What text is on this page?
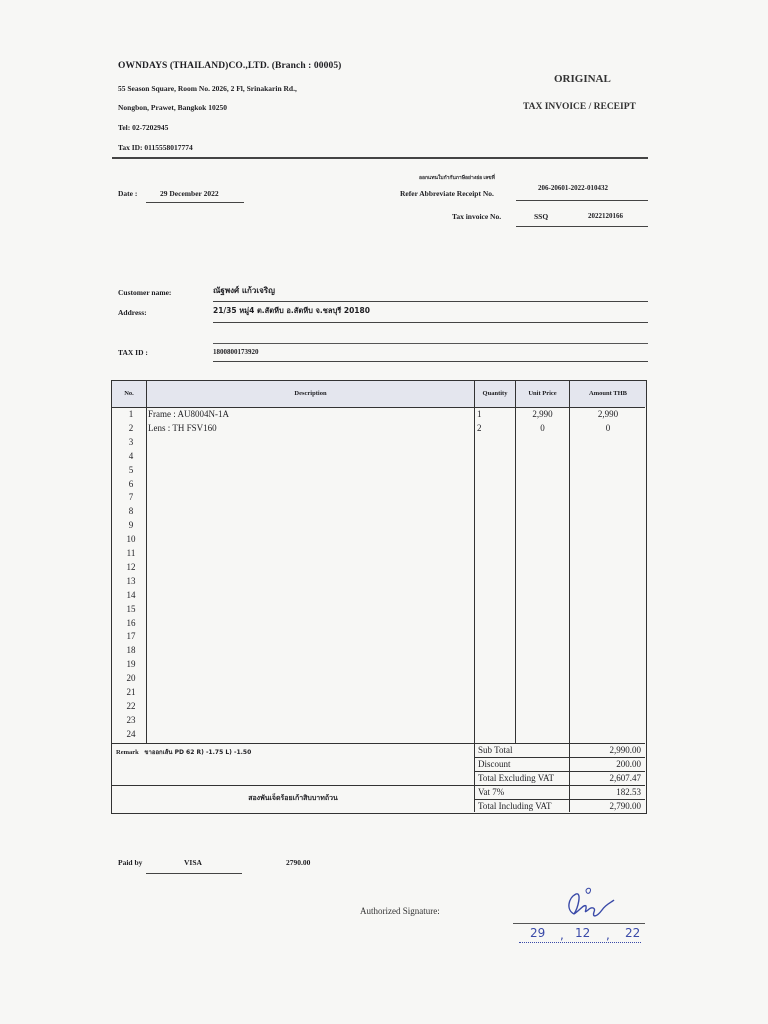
OWNDAYS (THAILAND)CO.,LTD. (Branch : 00005)
55 Season Square, Room No. 2026, 2 Fl, Srinakarin Rd.,
Nongbon, Prawet, Bangkok 10250
Tel: 02-7202945
Tax ID: 0115558017774
ORIGINAL
TAX INVOICE / RECEIPT
Date :	29 December 2022
ออกแทนใบกำกับภาษีอย่างย่อ เลขที่
Refer Abbreviate Receipt No.
206-20601-2022-010432
Tax invoice No.	SSQ	2022120166
Customer name:	ณัฐพงศ์ แก้วเจริญ
Address:	21/35 หมู่4 ต.สัตหีบ อ.สัตหีบ จ.ชลบุรี 20180
TAX ID :	1800800173920
No.	Description	Quantity	Unit Price	Amount THB
1	Frame : AU8004N-1A	1	2,990	2,990
2	Lens : TH FSV160	2	0	0
3
4
5
6
7
8
9
10
11
12
13
14
15
16
17
18
19
20
21
22
23
24
Remark ขาออกเส้น PD 62 R) -1.75 L) -1.50
สองพันเจ็ดร้อยเก้าสิบบาทถ้วน
Sub Total	2,990.00
Discount	200.00
Total Excluding VAT	2,607.47
Vat 7%	182.53
Total Including VAT	2,790.00
Paid by	VISA	2790.00
Authorized Signature:
29 , 12 , 22
